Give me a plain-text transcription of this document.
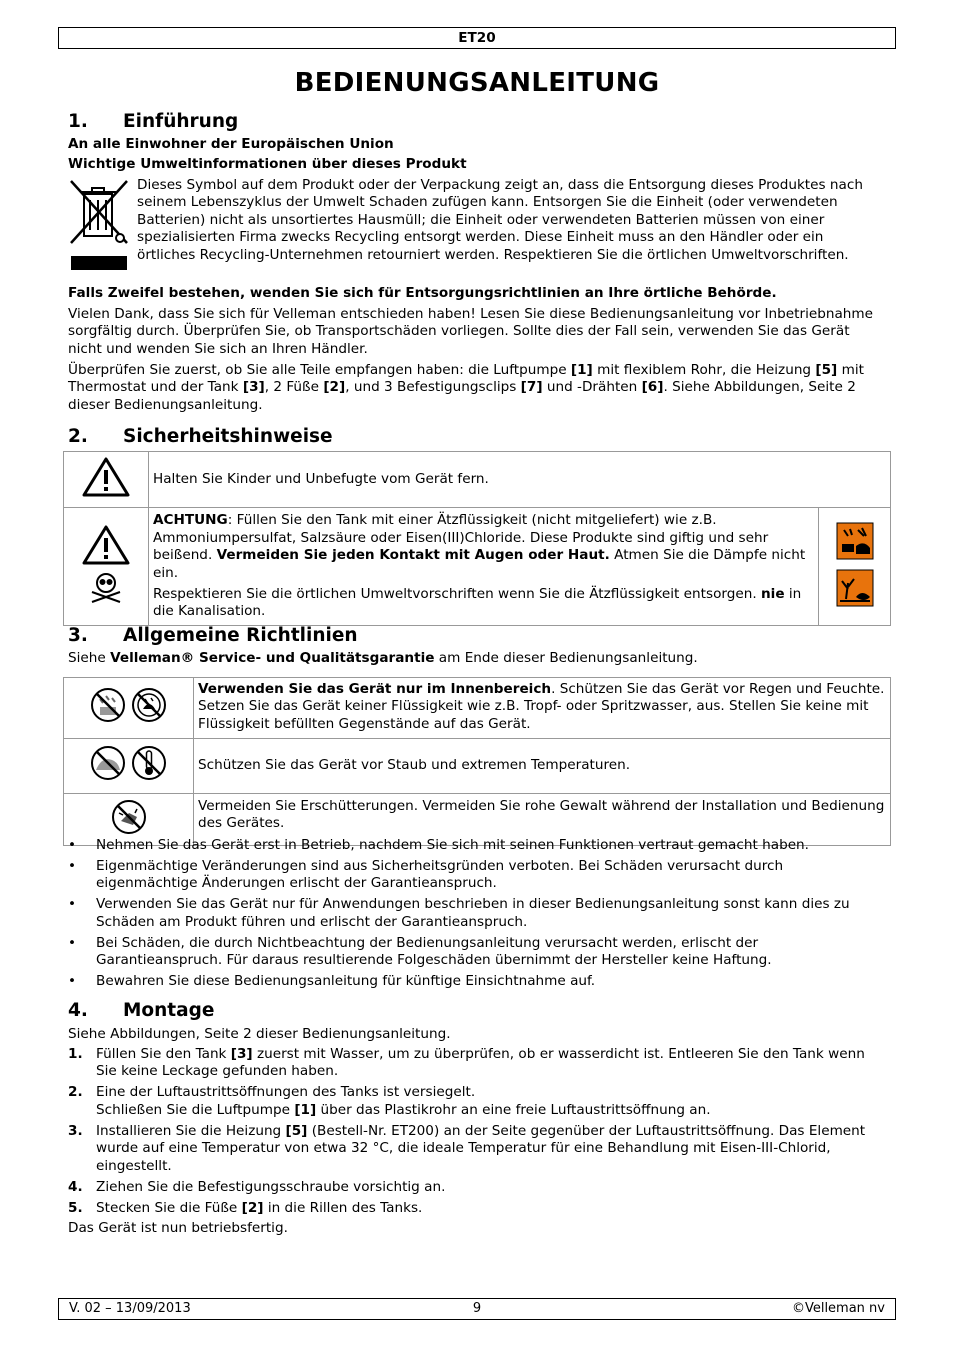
ET20
BEDIENUNGSANLEITUNG
1. Einführung

An alle Einwohner der Europäischen Union

Wichtige Umweltinformationen über dieses Produkt

Dieses Symbol auf dem Produkt oder der Verpackung zeigt an, dass die Entsorgung dieses Produktes nach seinem Lebenszyklus der Umwelt Schaden zufügen kann. Entsorgen Sie die Einheit (oder verwendeten Batterien) nicht als unsortiertes Hausmüll; die Einheit oder verwendeten Batterien müssen von einer spezialisierten Firma zwecks Recycling entsorgt werden. Diese Einheit muss an den Händler oder ein örtliches Recycling-Unternehmen retourniert werden. Respektieren Sie die örtlichen Umweltvorschriften.

Falls Zweifel bestehen, wenden Sie sich für Entsorgungsrichtlinien an Ihre örtliche Behörde.

Vielen Dank, dass Sie sich für Velleman entschieden haben! Lesen Sie diese Bedienungsanleitung vor Inbetriebnahme sorgfältig durch. Überprüfen Sie, ob Transportschäden vorliegen. Sollte dies der Fall sein, verwenden Sie das Gerät nicht und wenden Sie sich an Ihren Händler.

Überprüfen Sie zuerst, ob Sie alle Teile empfangen haben: die Luftpumpe [1] mit flexiblem Rohr, die Heizung [5] mit Thermostat und der Tank [3], 2 Füße [2], und 3 Befestigungsclips [7] und -Drähten [6]. Siehe Abbildungen, Seite 2 dieser Bedienungsanleitung.

2. Sicherheitshinweise
	Halten Sie Kinder und Unbefugte vom Gerät fern.	

ACHTUNG: Füllen Sie den Tank mit einer Ätzflüssigkeit (nicht mitgeliefert) wie z.B. Ammoniumpersulfat, Salzsäure oder Eisen(III)Chloride. Diese Produkte sind giftig und sehr beißend. Vermeiden Sie jeden Kontakt mit Augen oder Haut. Atmen Sie die Dämpfe nicht ein.

Respektieren Sie die örtlichen Umweltvorschriften wenn Sie die Ätzflüssigkeit entsorgen. nie in die Kanalisation.

3. Allgemeine Richtlinien

Siehe Velleman® Service- und Qualitätsgarantie am Ende dieser Bedienungsanleitung.

	Verwenden Sie das Gerät nur im Innenbereich. Schützen Sie das Gerät vor Regen und Feuchte. Setzen Sie das Gerät keiner Flüssigkeit wie z.B. Tropf- oder Spritzwasser, aus. Stellen Sie keine mit Flüssigkeit befüllten Gegenstände auf das Gerät.
	Schützen Sie das Gerät vor Staub und extremen Temperaturen.
	Vermeiden Sie Erschütterungen. Vermeiden Sie rohe Gewalt während der Installation und Bedienung des Gerätes.
• Nehmen Sie das Gerät erst in Betrieb, nachdem Sie sich mit seinen Funktionen vertraut gemacht haben.
• Eigenmächtige Veränderungen sind aus Sicherheitsgründen verboten. Bei Schäden verursacht durch eigenmächtige Änderungen erlischt der Garantieanspruch.
• Verwenden Sie das Gerät nur für Anwendungen beschrieben in dieser Bedienungsanleitung sonst kann dies zu Schäden am Produkt führen und erlischt der Garantieanspruch.
• Bei Schäden, die durch Nichtbeachtung der Bedienungsanleitung verursacht werden, erlischt der Garantieanspruch. Für daraus resultierende Folgeschäden übernimmt der Hersteller keine Haftung.
• Bewahren Sie diese Bedienungsanleitung für künftige Einsichtnahme auf.
4. Montage

Siehe Abbildungen, Seite 2 dieser Bedienungsanleitung.

1. Füllen Sie den Tank [3] zuerst mit Wasser, um zu überprüfen, ob er wasserdicht ist. Entleeren Sie den Tank wenn Sie keine Leckage gefunden haben.
2. Eine der Luftaustrittsöffnungen des Tanks ist versiegelt.
Schließen Sie die Luftpumpe [1] über das Plastikrohr an eine freie Luftaustrittsöffnung an.
3. Installieren Sie die Heizung [5] (Bestell-Nr. ET200) an der Seite gegenüber der Luftaustrittsöffnung. Das Element wurde auf eine Temperatur von etwa 32 °C, die ideale Temperatur für eine Behandlung mit Eisen-III-Chlorid, eingestellt.
4. Ziehen Sie die Befestigungsschraube vorsichtig an.
5. Stecken Sie die Füße [2] in die Rillen des Tanks.

Das Gerät ist nun betriebsfertig.

V. 02 – 13/09/2013	9	©Velleman nv
